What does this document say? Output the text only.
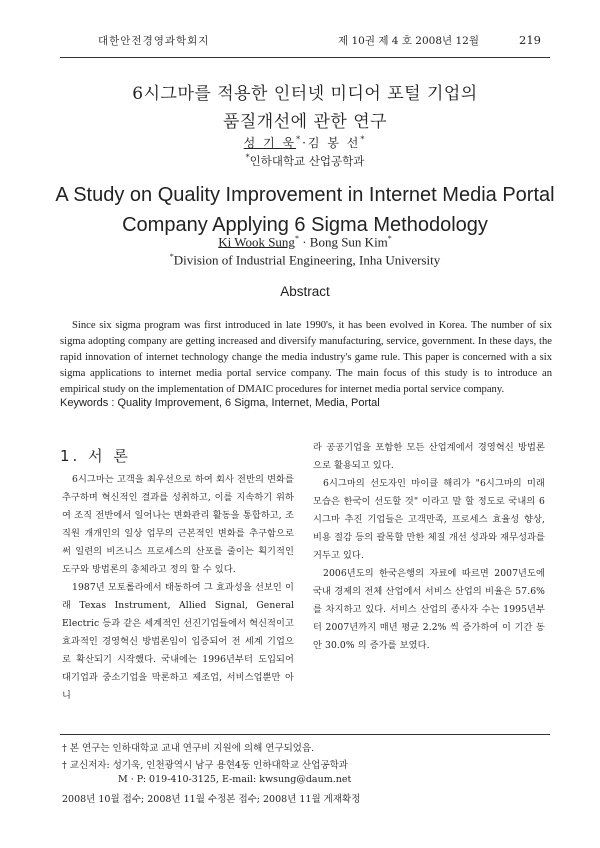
대한안전경영과학회지	제 10권 제 4 호 2008년 12월	219
6시그마를 적용한 인터넷 미디어 포털 기업의
품질개선에 관한 연구
성 기 욱*·김 봉 선*
*인하대학교 산업공학과
A Study on Quality Improvement in Internet Media Portal
Company Applying 6 Sigma Methodology
Ki Wook Sung* · Bong Sun Kim*
*Division of Industrial Engineering, Inha University
Abstract
Since six sigma program was first introduced in late 1990's, it has been evolved in Korea. The number of six sigma adopting company are getting increased and diversify manufacturing, service, government. In these days, the rapid innovation of internet technology change the media industry's game rule. This paper is concerned with a six sigma applications to internet media portal service company. The main focus of this study is to introduce an empirical study on the implementation of DMAIC procedures for internet media portal service company.
Keywords : Quality Improvement, 6 Sigma, Internet, Media, Portal
1. 서 론

6시그마는 고객을 최우선으로 하여 회사 전반의 변화를 추구하며 혁신적인 결과를 성취하고, 이를 지속하기 위하여 조직 전반에서 일어나는 변화관리 활동을 통합하고, 조직원 개개인의 일상 업무의 근본적인 변화를 추구함으로써 일련의 비즈니스 프로세스의 산포를 줄이는 획기적인 도구와 방법론의 총체라고 정의 할 수 있다.

1987년 모토롤라에서 태동하여 그 효과성을 선보인 이래 Texas Instrument, Allied Signal, General Electric 등과 같은 세계적인 선진기업들에서 혁신적이고 효과적인 경영혁신 방법론임이 입증되어 전 세계 기업으로 확산되기 시작했다. 국내에는 1996년부터 도입되어 대기업과 중소기업을 막론하고 제조업, 서비스업뿐만 아니

라 공공기업을 포함한 모든 산업계에서 경영혁신 방법론으로 활용되고 있다.

6시그마의 선도자인 마이클 해리가 "6시그마의 미래 모습은 한국이 선도할 것" 이라고 말 할 정도로 국내의 6시그마 추진 기업들은 고객만족, 프로세스 효율성 향상, 비용 절감 등의 괄목할 만한 체질 개선 성과와 재무성과를 거두고 있다.

2006년도의 한국은행의 자료에 따르면 2007년도에 국내 경제의 전체 산업에서 서비스 산업의 비율은 57.6%를 차지하고 있다. 서비스 산업의 종사자 수는 1995년부터 2007년까지 매년 평균 2.2% 씩 증가하여 이 기간 동안 30.0% 의 증가를 보였다.

† 본 연구는 인하대학교 교내 연구비 지원에 의해 연구되었음.
† 교신저자: 성기욱, 인천광역시 남구 용현4동 인하대학교 산업공학과
M · P: 019-410-3125, E-mail: kwsung@daum.net
2008년 10월 접수; 2008년 11월 수정본 접수; 2008년 11월 게재확정
